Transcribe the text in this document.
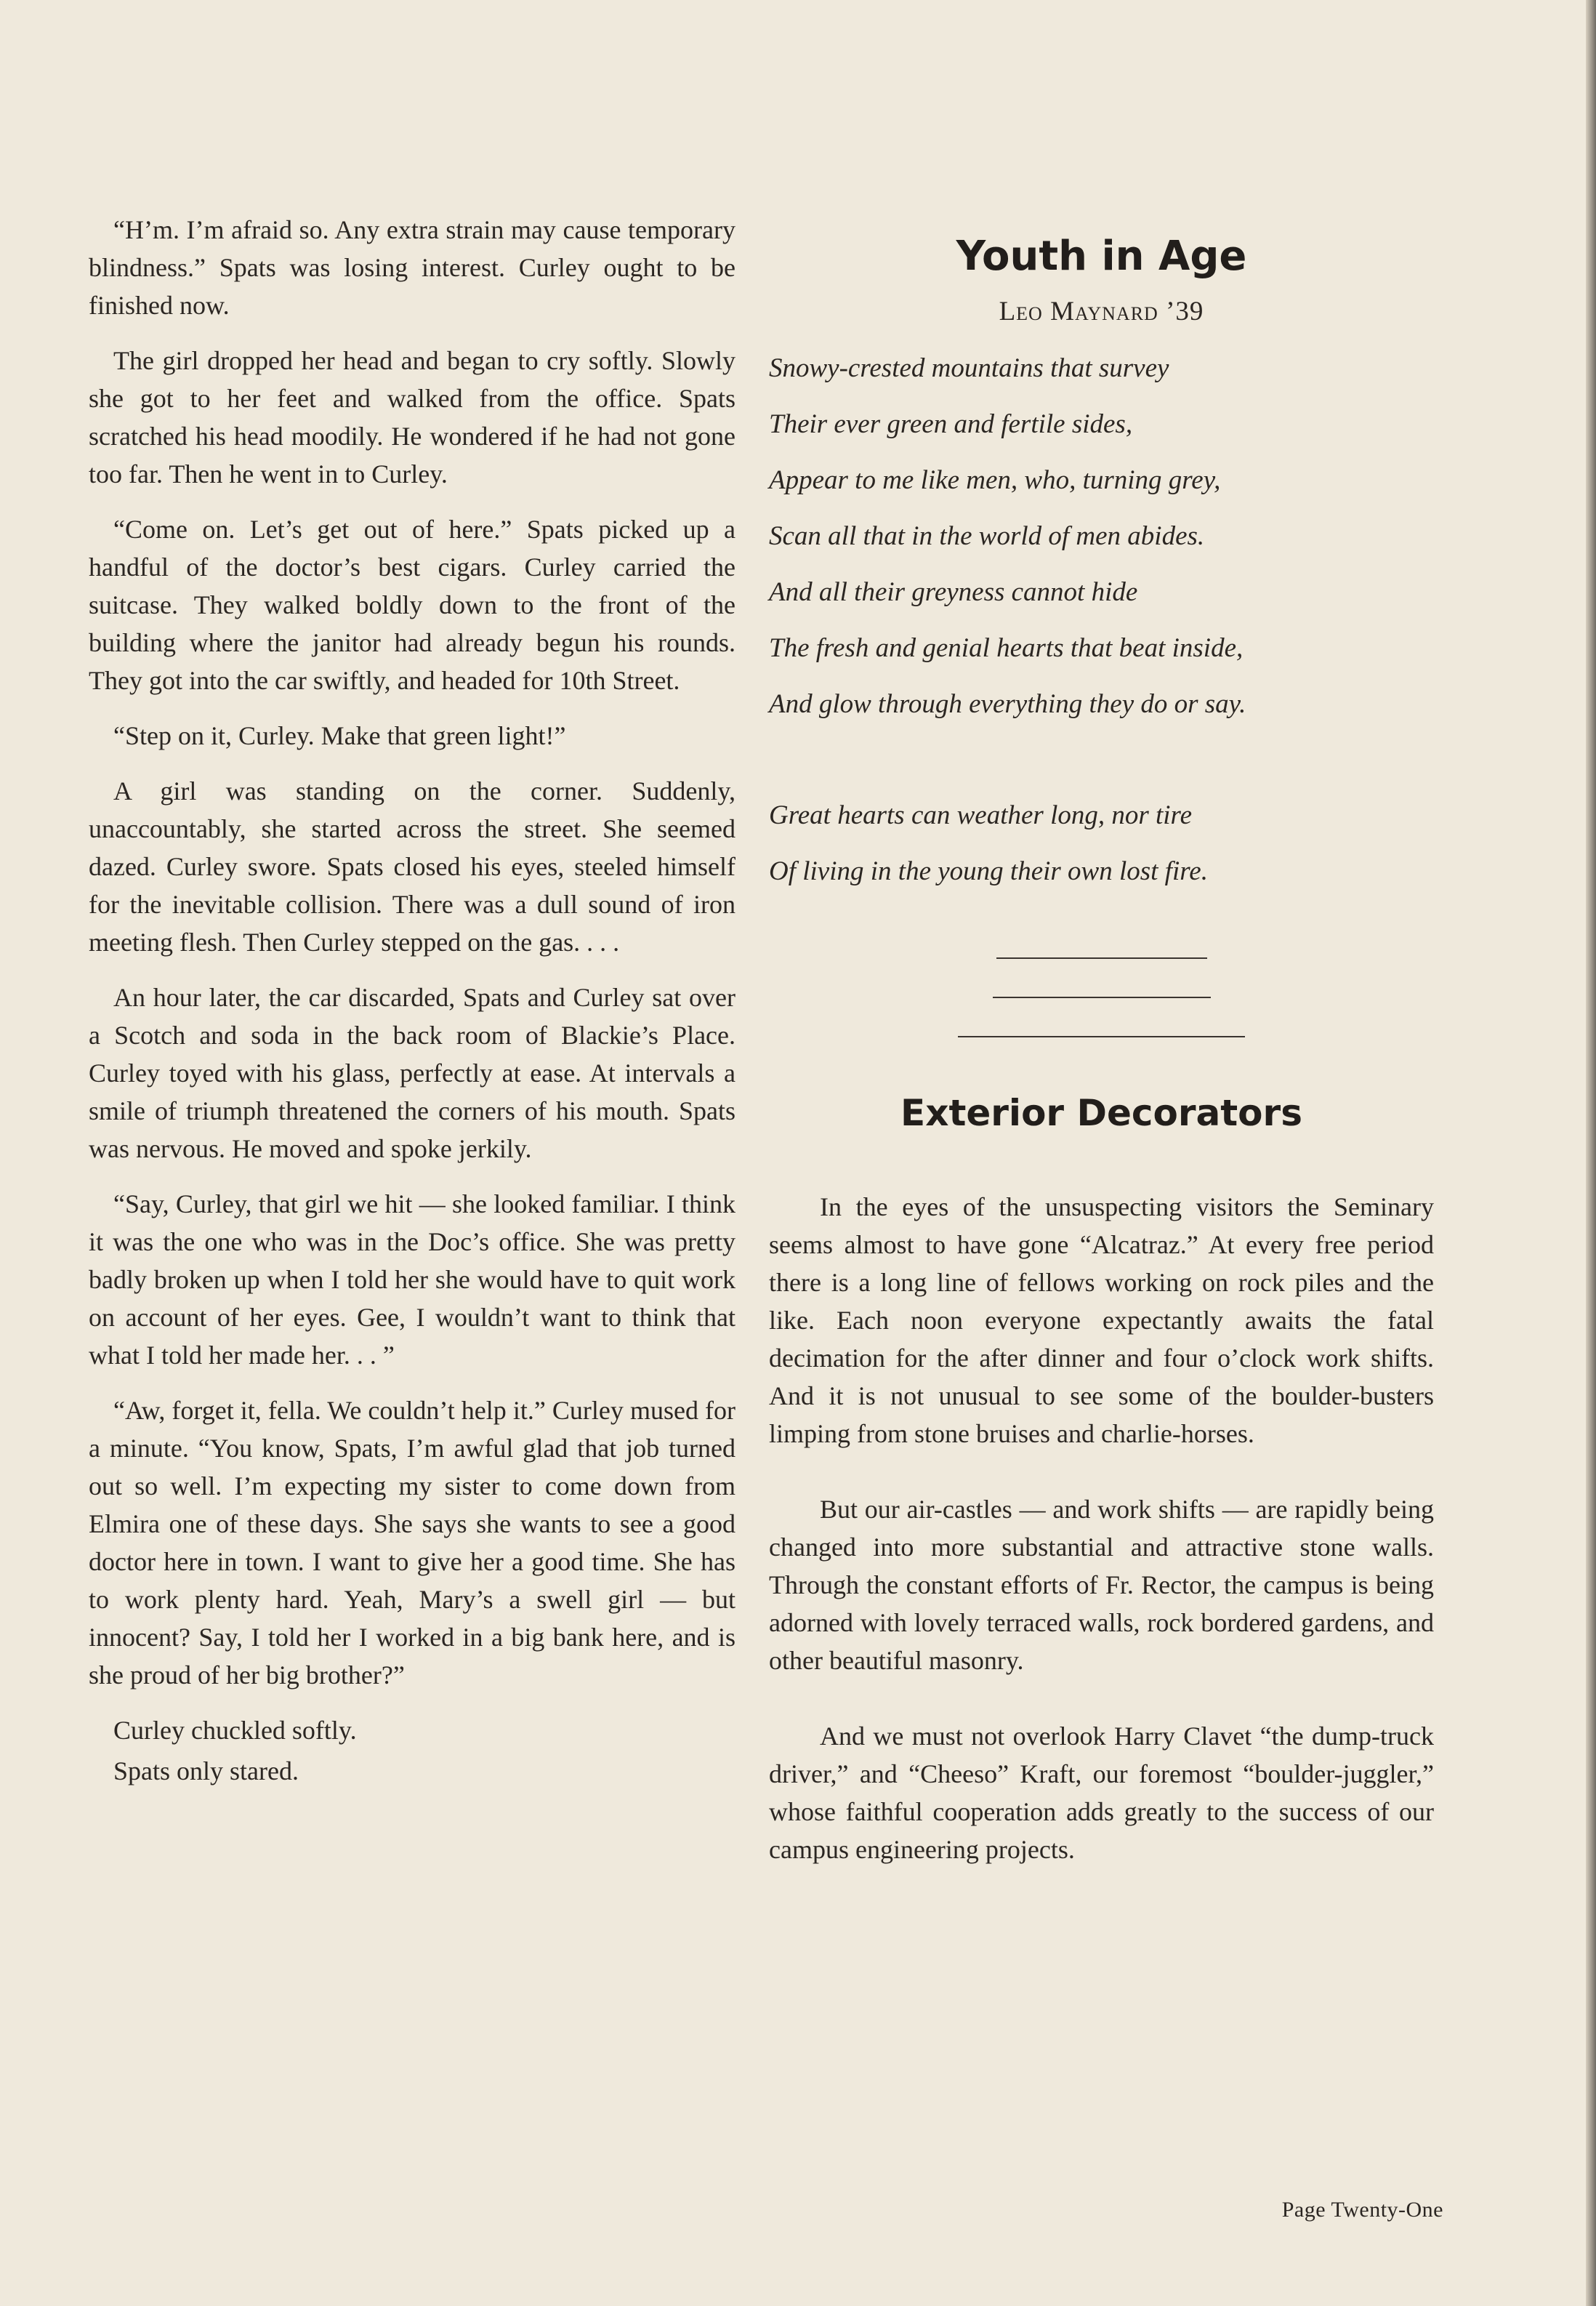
“H’m. I’m afraid so. Any extra strain may cause temporary blindness.” Spats was losing interest. Curley ought to be finished now.

The girl dropped her head and began to cry softly. Slowly she got to her feet and walked from the office. Spats scratched his head moodily. He wondered if he had not gone too far. Then he went in to Curley.

“Come on. Let’s get out of here.” Spats picked up a handful of the doctor’s best cigars. Curley carried the suitcase. They walked boldly down to the front of the building where the janitor had already begun his rounds. They got into the car swiftly, and headed for 10th Street.

“Step on it, Curley. Make that green light!”

A girl was standing on the corner. Suddenly, unaccountably, she started across the street. She seemed dazed. Curley swore. Spats closed his eyes, steeled himself for the inevitable collision. There was a dull sound of iron meeting flesh. Then Curley stepped on the gas. . . .

An hour later, the car discarded, Spats and Curley sat over a Scotch and soda in the back room of Blackie’s Place. Curley toyed with his glass, perfectly at ease. At intervals a smile of triumph threatened the corners of his mouth. Spats was nervous. He moved and spoke jerkily.

“Say, Curley, that girl we hit — she looked familiar. I think it was the one who was in the Doc’s office. She was pretty badly broken up when I told her she would have to quit work on account of her eyes. Gee, I wouldn’t want to think that what I told her made her. . . ”

“Aw, forget it, fella. We couldn’t help it.” Curley mused for a minute. “You know, Spats, I’m awful glad that job turned out so well. I’m expecting my sister to come down from Elmira one of these days. She says she wants to see a good doctor here in town. I want to give her a good time. She has to work plenty hard. Yeah, Mary’s a swell girl — but innocent? Say, I told her I worked in a big bank here, and is she proud of her big brother?”

Curley chuckled softly.

Spats only stared.

Youth in Age
Leo Maynard ’39
Snowy-crested mountains that survey
Their ever green and fertile sides,
Appear to me like men, who, turning grey,
Scan all that in the world of men abides.
And all their greyness cannot hide
The fresh and genial hearts that beat inside,
And glow through everything they do or say.
Great hearts can weather long, nor tire
Of living in the young their own lost fire.
Exterior Decorators

In the eyes of the unsuspecting visitors the Seminary seems almost to have gone “Alcatraz.” At every free period there is a long line of fellows working on rock piles and the like. Each noon everyone expectantly awaits the fatal decimation for the after dinner and four o’clock work shifts. And it is not unusual to see some of the boulder-busters limping from stone bruises and charlie-horses.

But our air-castles — and work shifts — are rapidly being changed into more substantial and attractive stone walls. Through the constant efforts of Fr. Rector, the campus is being adorned with lovely terraced walls, rock bordered gardens, and other beautiful masonry.

And we must not overlook Harry Clavet “the dump-truck driver,” and “Cheeso” Kraft, our foremost “boulder-juggler,” whose faithful cooperation adds greatly to the success of our campus engineering projects.

Page Twenty-One
